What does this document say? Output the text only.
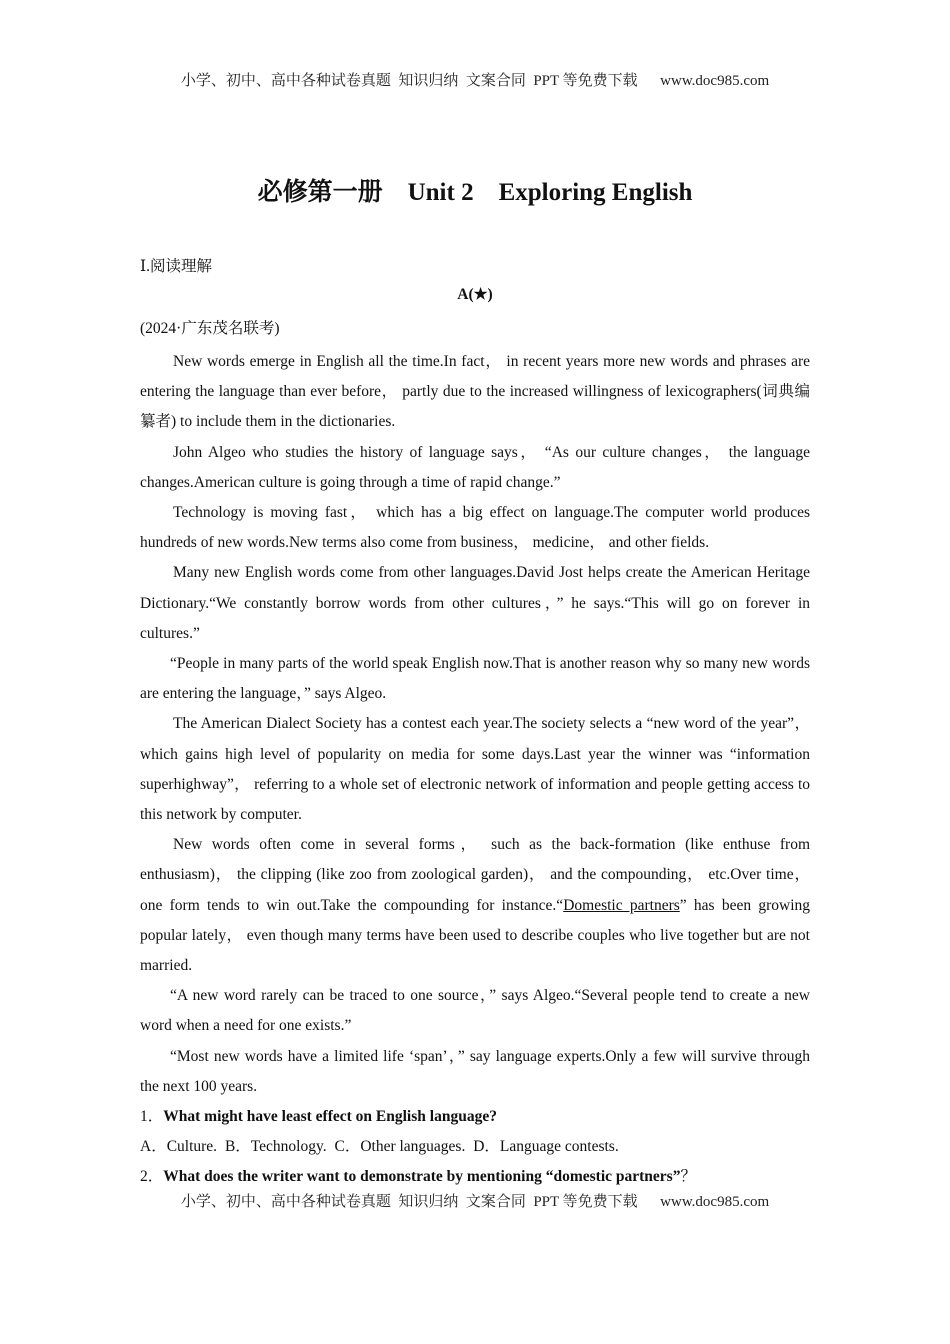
小学、初中、高中各种试卷真题  知识归纳  文案合同  PPT 等免费下载      www.doc985.com
必修第一册    Unit 2    Exploring English
Ⅰ.阅读理解
A(★)
(2024·广东茂名联考)

New words emerge in English all the time.In fact， in recent years more new words and phrases are entering the language than ever before， partly due to the increased willingness of lexicographers(词典编纂者) to include them in the dictionaries.

John Algeo who studies the history of language says， “As our culture changes， the language changes.American culture is going through a time of rapid change.”

Technology is moving fast， which has a big effect on language.The computer world produces hundreds of new words.New terms also come from business， medicine， and other fields.

Many new English words come from other languages.David Jost helps create the American Heritage Dictionary.“We constantly borrow words from other cultures，” he says.“This will go on forever in cultures.”

“People in many parts of the world speak English now.That is another reason why so many new words are entering the language，” says Algeo.

The American Dialect Society has a contest each year.The society selects a “new word of the year”， which gains high level of popularity on media for some days.Last year the winner was “information superhighway”， referring to a whole set of electronic network of information and people getting access to this network by computer.

New words often come in several forms， such as the back-formation (like enthuse from enthusiasm)， the clipping (like zoo from zoological garden)， and the compounding， etc.Over time， one form tends to win out.Take the compounding for instance.“Domestic partners” has been growing popular lately， even though many terms have been used to describe couples who live together but are not married.

“A new word rarely can be traced to one source，” says Algeo.“Several people tend to create a new word when a need for one exists.”

“Most new words have a limited life ‘span’，” say language experts.Only a few will survive through the next 100 years.

1．What might have least effect on English language?

A．Culture. B．Technology. C．Other languages. D．Language contests.

2．What does the writer want to demonstrate by mentioning “domestic partners”？

小学、初中、高中各种试卷真题  知识归纳  文案合同  PPT 等免费下载      www.doc985.com
